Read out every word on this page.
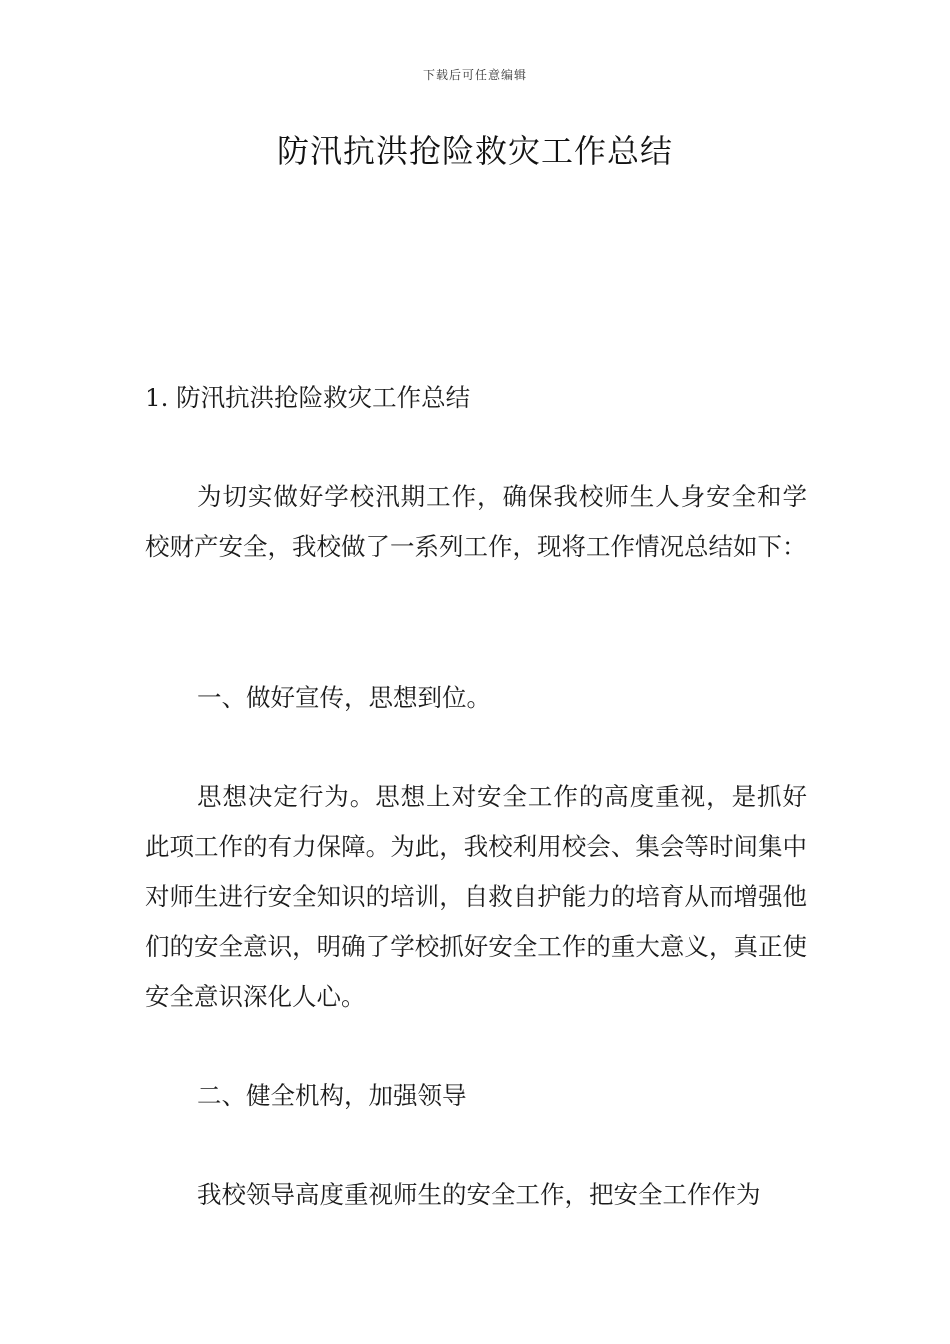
下载后可任意编辑
防汛抗洪抢险救灾工作总结
1. 防汛抗洪抢险救灾工作总结
为切实做好学校汛期工作，确保我校师生人身安全和学校财产安全，我校做了一系列工作，现将工作情况总结如下：
一、做好宣传，思想到位。
思想决定行为。思想上对安全工作的高度重视，是抓好此项工作的有力保障。为此，我校利用校会、集会等时间集中对师生进行安全知识的培训，自救自护能力的培育从而增强他们的安全意识，明确了学校抓好安全工作的重大意义，真正使安全意识深化人心。
二、健全机构，加强领导
我校领导高度重视师生的安全工作，把安全工作作为
